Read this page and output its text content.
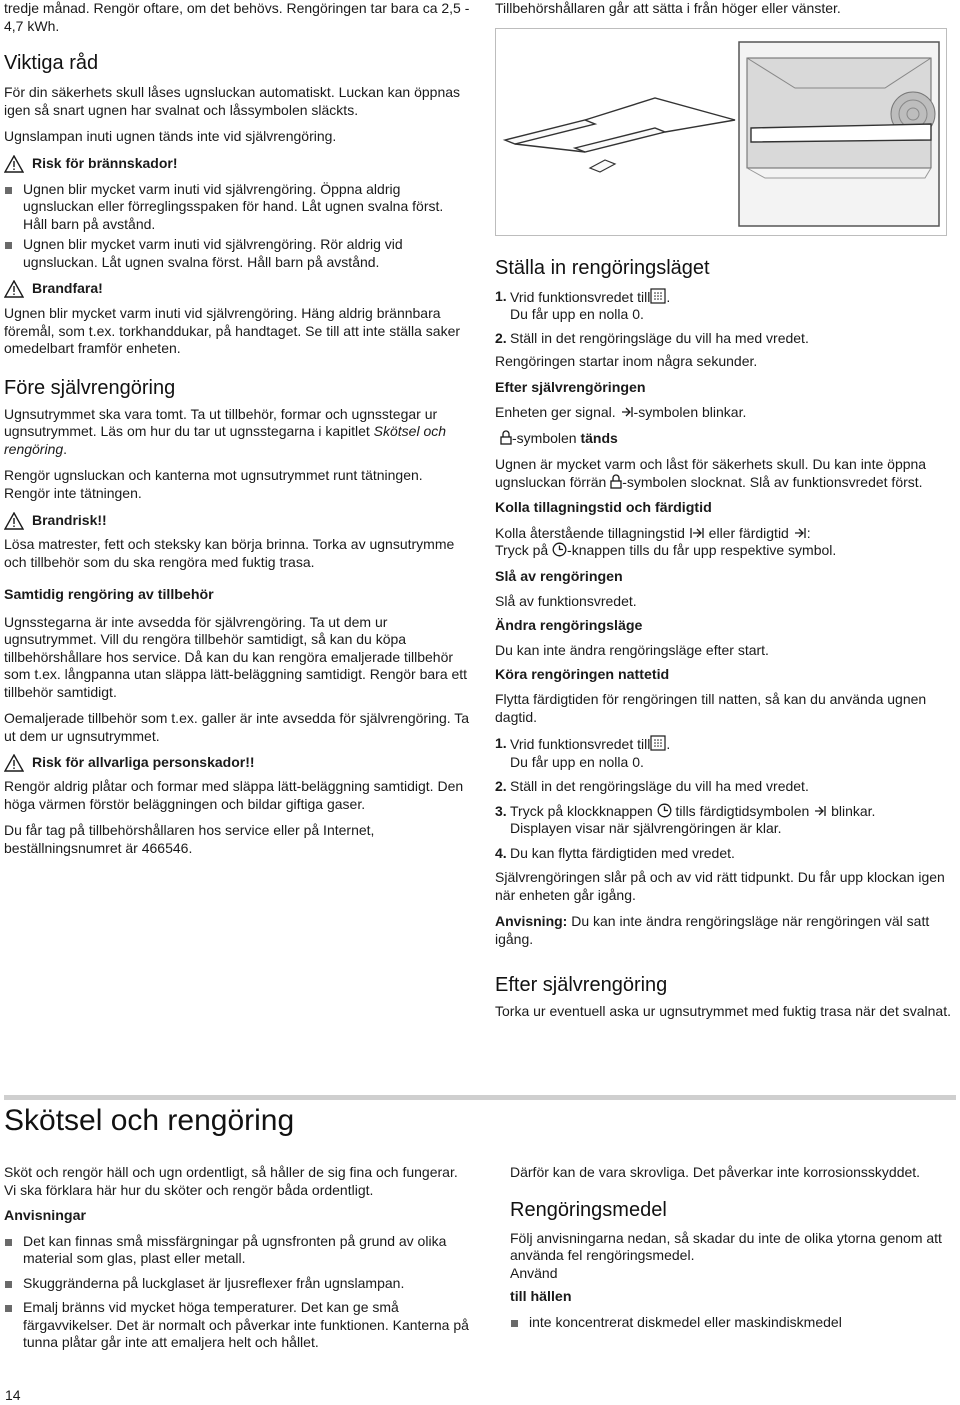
tredje månad. Rengör oftare, om det behövs. Rengöringen tar bara ca 2,5 - 4,7 kWh.

Viktiga råd

För din säkerhets skull låses ugnsluckan automatiskt. Luckan kan öppnas igen så snart ugnen har svalnat och låssymbolen släckts.

Ugnslampan inuti ugnen tänds inte vid självrengöring.

Risk för brännskador!

Ugnen blir mycket varm inuti vid självrengöring. Öppna aldrig ugnsluckan eller förreglingsspaken för hand. Låt ugnen svalna först. Håll barn på avstånd.

Ugnen blir mycket varm inuti vid självrengöring. Rör aldrig vid ugnsluckan. Låt ugnen svalna först. Håll barn på avstånd.

Brandfara!

Ugnen blir mycket varm inuti vid självrengöring. Häng aldrig brännbara föremål, som t.ex. torkhanddukar, på handtaget. Se till att inte ställa saker omedelbart framför enheten.

Före självrengöring

Ugnsutrymmet ska vara tomt. Ta ut tillbehör, formar och ugnsstegar ur ugnsutrymmet. Läs om hur du tar ut ugnsstegarna i kapitlet Skötsel och rengöring.

Rengör ugnsluckan och kanterna mot ugnsutrymmet runt tätningen. Rengör inte tätningen.

Brandrisk!!

Lösa matrester, fett och steksky kan börja brinna. Torka av ugnsutrymme och tillbehör som du ska rengöra med fuktig trasa.

Samtidig rengöring av tillbehör

Ugnsstegarna är inte avsedda för självrengöring. Ta ut dem ur ugnsutrymmet. Vill du rengöra tillbehör samtidigt, så kan du köpa tillbehörshållare hos service. Då kan du kan rengöra emaljerade tillbehör som t.ex. långpanna utan släppa lätt-beläggning samtidigt. Rengör bara ett tillbehör samtidigt.

Oemaljerade tillbehör som t.ex. galler är inte avsedda för självrengöring. Ta ut dem ur ugnsutrymmet.

Risk för allvarliga personskador!!

Rengör aldrig plåtar och formar med släppa lätt-beläggning samtidigt. Den höga värmen förstör beläggningen och bildar giftiga gaser.

Du får tag på tillbehörshållaren hos service eller på Internet, beställningsnumret är 466546.

Tillbehörshållaren går att sätta i från höger eller vänster.

Ställa in rengöringsläget

1. Vrid funktionsvredet till .
Du får upp en nolla 0.
2. Ställ in det rengöringsläge du vill ha med vredet.

Rengöringen startar inom några sekunder.

Efter självrengöringen

Enheten ger signal. -symbolen blinkar.

-symbolen tänds

Ugnen är mycket varm och låst för säkerhets skull. Du kan inte öppna ugnsluckan förrän -symbolen slocknat. Slå av funktionsvredet först.

Kolla tillagningstid och färdigtid

Kolla återstående tillagningstid  eller färdigtid :
Tryck på -knappen tills du får upp respektive symbol.

Slå av rengöringen

Slå av funktionsvredet.

Ändra rengöringsläge

Du kan inte ändra rengöringsläge efter start.

Köra rengöringen nattetid

Flytta färdigtiden för rengöringen till natten, så kan du använda ugnen dagtid.

1. Vrid funktionsvredet till .
Du får upp en nolla 0.
2. Ställ in det rengöringsläge du vill ha med vredet.
3. Tryck på klockknappen  tills färdigtidsymbolen  blinkar.
Displayen visar när självrengöringen är klar.
4. Du kan flytta färdigtiden med vredet.

Självrengöringen slår på och av vid rätt tidpunkt. Du får upp klockan igen när enheten går igång.

Anvisning: Du kan inte ändra rengöringsläge när rengöringen väl satt igång.

Efter självrengöring

Torka ur eventuell aska ur ugnsutrymmet med fuktig trasa när det svalnat.

Skötsel och rengöring

Sköt och rengör häll och ugn ordentligt, så håller de sig fina och fungerar. Vi ska förklara här hur du sköter och rengör båda ordentligt.

Anvisningar

Det kan finnas små missfärgningar på ugnsfronten på grund av olika material som glas, plast eller metall.

Skuggränderna på luckglaset är ljusreflexer från ugnslampan.

Emalj bränns vid mycket höga temperaturer. Det kan ge små färgavvikelser. Det är normalt och påverkar inte funktionen. Kanterna på tunna plåtar går inte att emaljera helt och hållet.

Därför kan de vara skrovliga. Det påverkar inte korrosionsskyddet.

Rengöringsmedel

Följ anvisningarna nedan, så skadar du inte de olika ytorna genom att använda fel rengöringsmedel.

Använd

till hällen

inte koncentrerat diskmedel eller maskindiskmedel

14
